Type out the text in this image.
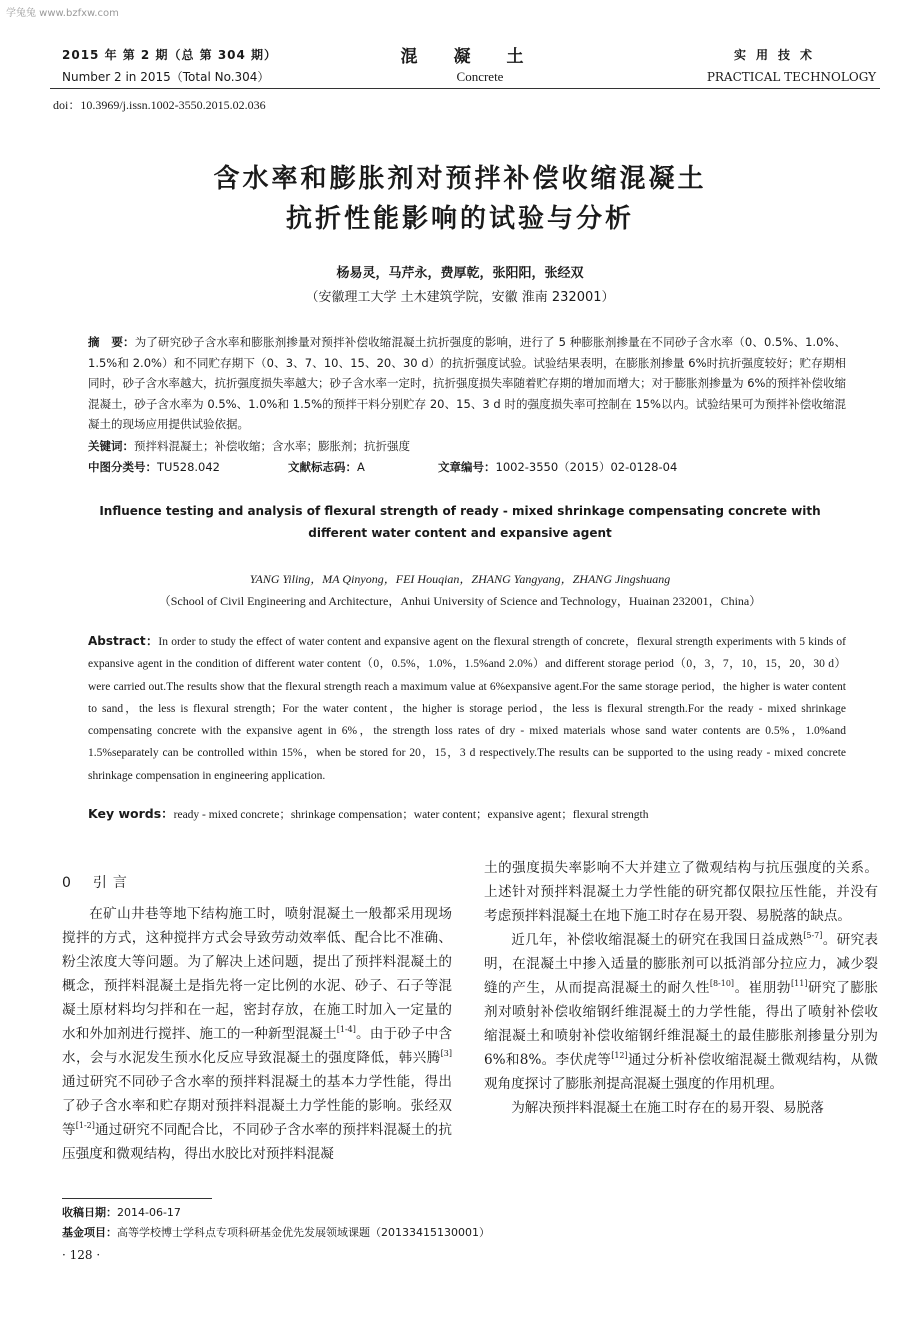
学兔兔 www.bzfxw.com
2015 年 第 2 期（总 第 304 期）
Number 2 in 2015（Total No.304）
混凝土
Concrete
实用技术
PRACTICAL TECHNOLOGY
doi：10.3969/j.issn.1002-3550.2015.02.036
含水率和膨胀剂对预拌补偿收缩混凝土
抗折性能影响的试验与分析
杨易灵，马芹永，费厚乾，张阳阳，张经双
（安徽理工大学 土木建筑学院，安徽 淮南 232001）
摘　要：为了研究砂子含水率和膨胀剂掺量对预拌补偿收缩混凝土抗折强度的影响，进行了 5 种膨胀剂掺量在不同砂子含水率（0、0.5%、1.0%、1.5%和 2.0%）和不同贮存期下（0、3、7、10、15、20、30 d）的抗折强度试验。试验结果表明，在膨胀剂掺量 6%时抗折强度较好；贮存期相同时，砂子含水率越大，抗折强度损失率越大；砂子含水率一定时，抗折强度损失率随着贮存期的增加而增大；对于膨胀剂掺量为 6%的预拌补偿收缩混凝土，砂子含水率为 0.5%、1.0%和 1.5%的预拌干料分别贮存 20、15、3 d 时的强度损失率可控制在 15%以内。试验结果可为预拌补偿收缩混凝土的现场应用提供试验依据。
关键词：预拌料混凝土；补偿收缩；含水率；膨胀剂；抗折强度
中图分类号：TU528.042	文献标志码：A	文章编号：1002-3550（2015）02-0128-04
Influence testing and analysis of flexural strength of ready - mixed shrinkage compensating concrete with different water content and expansive agent
YANG Yiling，MA Qinyong，FEI Houqian，ZHANG Yangyang，ZHANG Jingshuang
（School of Civil Engineering and Architecture，Anhui University of Science and Technology，Huainan 232001，China）
Abstract：In order to study the effect of water content and expansive agent on the flexural strength of concrete，flexural strength experiments with 5 kinds of expansive agent in the condition of different water content（0，0.5%，1.0%，1.5%and 2.0%）and different storage period（0，3，7，10，15，20，30 d）were carried out.The results show that the flexural strength reach a maximum value at 6%expansive agent.For the same storage period，the higher is water content to sand，the less is flexural strength；For the water content，the higher is storage period，the less is flexural strength.For the ready - mixed shrinkage compensating concrete with the expansive agent in 6%，the strength loss rates of dry - mixed materials whose sand water contents are 0.5%，1.0%and 1.5%separately can be controlled within 15%，when be stored for 20，15，3 d respectively.The results can be supported to the using ready - mixed concrete shrinkage compensation in engineering application.
Key words：ready - mixed concrete；shrinkage compensation；water content；expansive agent；flexural strength
0 引言

在矿山井巷等地下结构施工时，喷射混凝土一般都采用现场搅拌的方式，这种搅拌方式会导致劳动效率低、配合比不准确、粉尘浓度大等问题。为了解决上述问题，提出了预拌料混凝土的概念，预拌料混凝土是指先将一定比例的水泥、砂子、石子等混凝土原材料均匀拌和在一起，密封存放，在施工时加入一定量的水和外加剂进行搅拌、施工的一种新型混凝土[1-4]。由于砂子中含水，会与水泥发生预水化反应导致混凝土的强度降低，韩兴腾[3]通过研究不同砂子含水率的预拌料混凝土的基本力学性能，得出了砂子含水率和贮存期对预拌料混凝土力学性能的影响。张经双等[1-2]通过研究不同配合比，不同砂子含水率的预拌料混凝土的抗压强度和微观结构，得出水胶比对预拌料混凝

土的强度损失率影响不大并建立了微观结构与抗压强度的关系。上述针对预拌料混凝土力学性能的研究都仅限拉压性能，并没有考虑预拌料混凝土在地下施工时存在易开裂、易脱落的缺点。

近几年，补偿收缩混凝土的研究在我国日益成熟[5-7]。研究表明，在混凝土中掺入适量的膨胀剂可以抵消部分拉应力，减少裂缝的产生，从而提高混凝土的耐久性[8-10]。崔朋勃[11]研究了膨胀剂对喷射补偿收缩钢纤维混凝土的力学性能，得出了喷射补偿收缩混凝土和喷射补偿收缩钢纤维混凝土的最佳膨胀剂掺量分别为6%和8%。李伏虎等[12]通过分析补偿收缩混凝土微观结构，从微观角度探讨了膨胀剂提高混凝土强度的作用机理。

为解决预拌料混凝土在施工时存在的易开裂、易脱落

收稿日期：2014-06-17
基金项目：高等学校博士学科点专项科研基金优先发展领域课题（20133415130001）
· 128 ·
